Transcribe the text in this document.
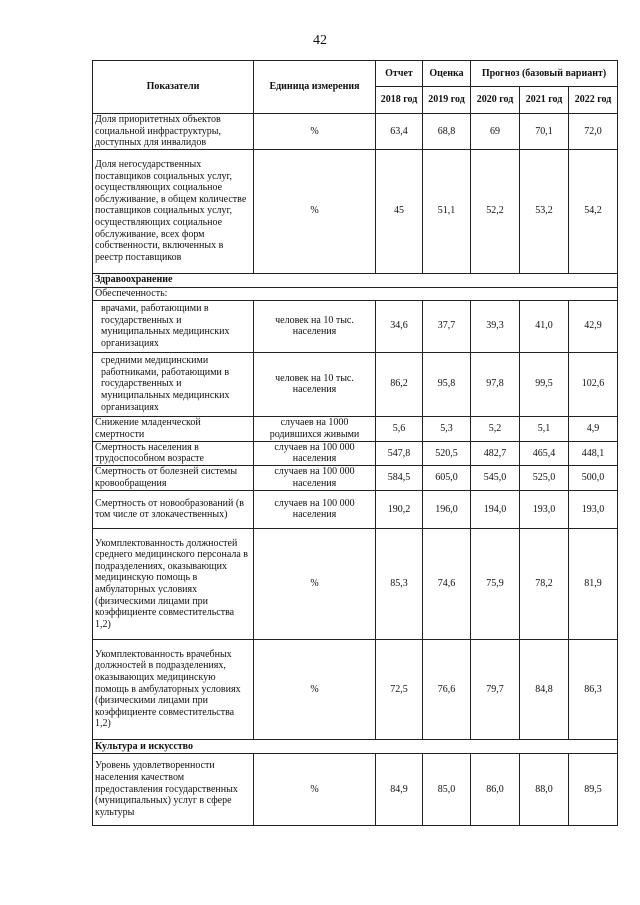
42
Показатели	Единица измерения	Отчет	Оценка	Прогноз (базовый вариант)		
		2018 год	2019 год	2020 год	2021 год	2022 год
Доля приоритетных объектов социальной инфраструктуры, доступных для инвалидов	%	63,4	68,8	69	70,1	72,0
Доля негосударственных поставщиков социальных услуг, осуществляющих социальное обслуживание, в общем количестве поставщиков социальных услуг, осуществляющих социальное обслуживание, всех форм собственности, включенных в реестр поставщиков	%	45	51,1	52,2	53,2	54,2
Здравоохранение						
Обеспеченность:						
врачами, работающими в государственных и муниципальных медицинских организациях	человек на 10 тыс. населения	34,6	37,7	39,3	41,0	42,9
средними медицинскими работниками, работающими в государственных и муниципальных медицинских организациях	человек на 10 тыс. населения	86,2	95,8	97,8	99,5	102,6
Снижение младенческой смертности	случаев на 1000 родившихся живыми	5,6	5,3	5,2	5,1	4,9
Смертность населения в трудоспособном возрасте	случаев на 100 000 населения	547,8	520,5	482,7	465,4	448,1
Смертность от болезней системы кровообращения	случаев на 100 000 населения	584,5	605,0	545,0	525,0	500,0
Смертность от новообразований (в том числе от злокачественных)	случаев на 100 000 населения	190,2	196,0	194,0	193,0	193,0
Укомплектованность должностей среднего медицинского персонала в подразделениях, оказывающих медицинскую помощь в амбулаторных условиях (физическими лицами при коэффициенте совместительства 1,2)	%	85,3	74,6	75,9	78,2	81,9
Укомплектованность врачебных должностей в подразделениях, оказывающих медицинскую помощь в амбулаторных условиях (физическими лицами при коэффициенте совместительства 1,2)	%	72,5	76,6	79,7	84,8	86,3
Культура и искусство						
Уровень удовлетворенности населения качеством предоставления государственных (муниципальных) услуг в сфере культуры	%	84,9	85,0	86,0	88,0	89,5
